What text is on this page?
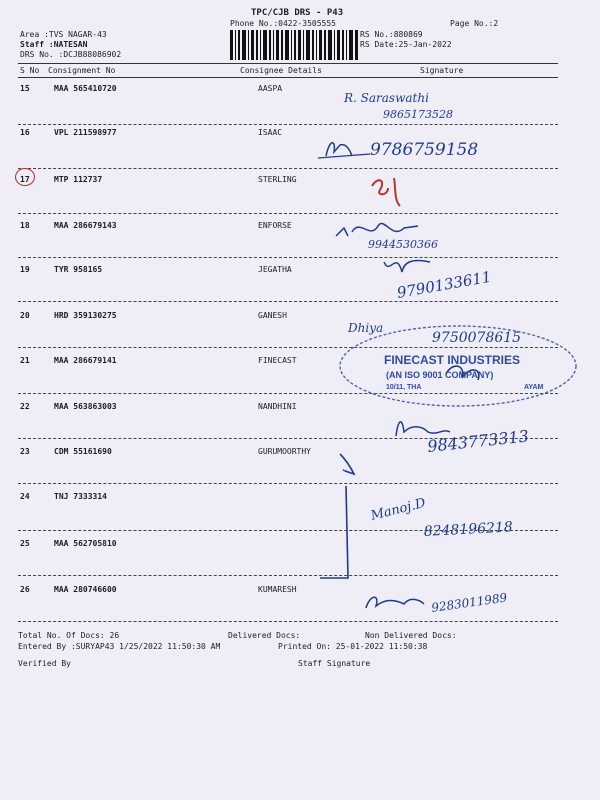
TPC/CJB DRS - P43
Phone No.:0422-3505555	Page No.:2
Area :TVS NAGAR-43	RS No.:880869
Staff :NATESAN	RS Date:25-Jan-2022
DRS No. :DCJB88086902
S No Consignment No	Consignee Details	Signature
15	MAA 565410720	AASPA
16	VPL 211598977	ISAAC
17	MTP 112737	STERLING
18	MAA 286679143	ENFORSE
19	TYR 958165	JEGATHA
20	HRD 359130275	GANESH
21	MAA 286679141	FINECAST
22	MAA 563863003	NANDHINI
23	CDM 55161690	GURUMOORTHY
24	TNJ 7333314
25	MAA 562705810
26	MAA 280746600	KUMARESH
Total No. Of Docs: 26	Delivered Docs:	Non Delivered Docs:
Entered By :SURYAP43 1/25/2022 11:50:30 AM	Printed On: 25-01-2022 11:50:38
Verified By	Staff Signature
R. Saraswathi
9865173528
9786759158
9944530366
9790133611
Dhiya
9750078615
FINECAST INDUSTRIES
(AN ISO 9001 COMPANY)
10/11, THA	AYAM
9843773313
Manoj.D
8248196218
9283011989
